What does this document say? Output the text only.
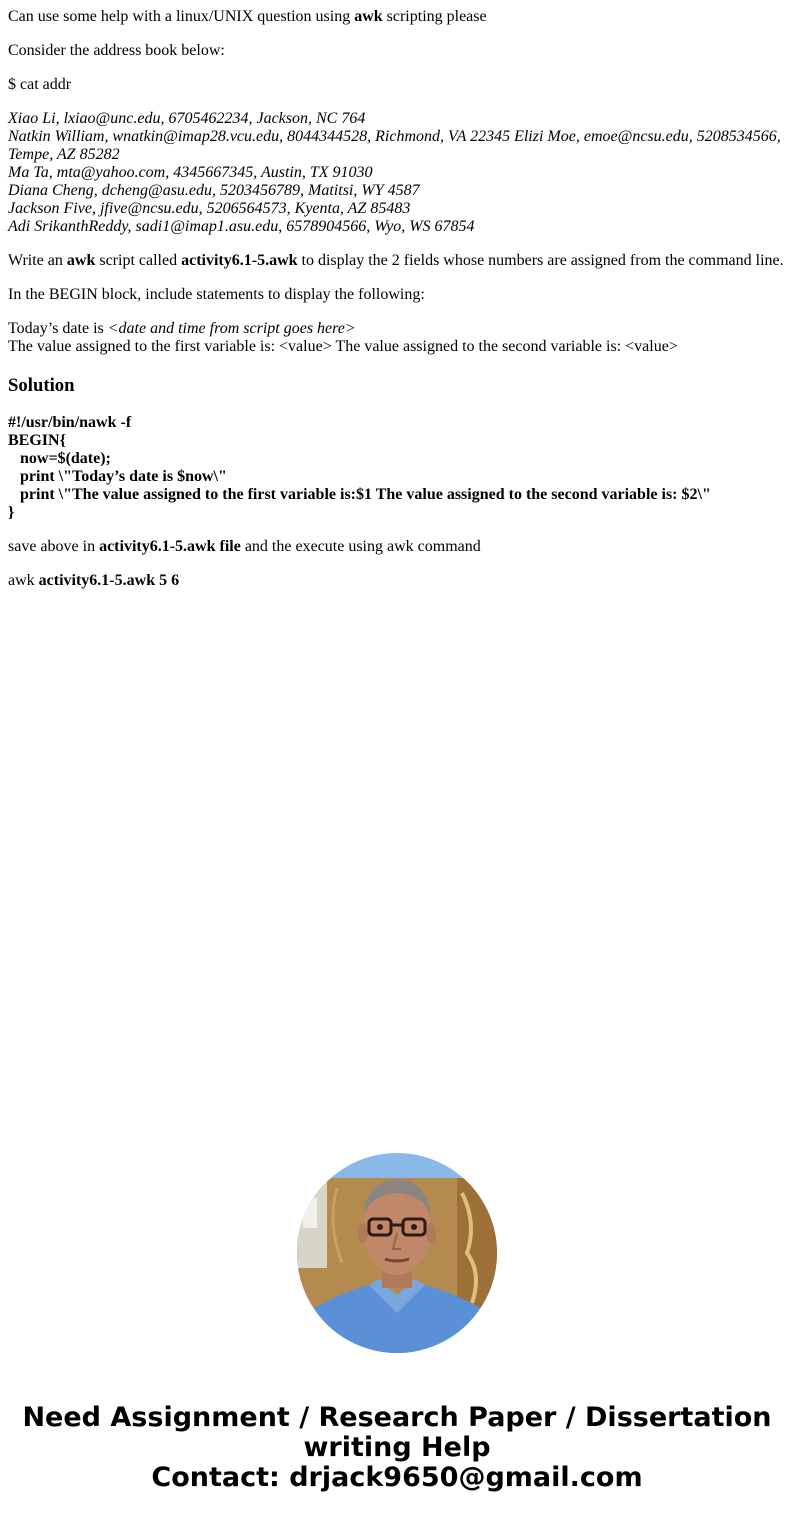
Can use some help with a linux/UNIX question using awk scripting please

Consider the address book below:

$ cat addr

Xiao Li, lxiao@unc.edu, 6705462234, Jackson, NC 764
Natkin William, wnatkin@imap28.vcu.edu, 8044344528, Richmond, VA 22345 Elizi Moe, emoe@ncsu.edu, 5208534566, Tempe, AZ 85282
Ma Ta, mta@yahoo.com, 4345667345, Austin, TX 91030
Diana Cheng, dcheng@asu.edu, 5203456789, Matitsi, WY 4587
Jackson Five, jfive@ncsu.edu, 5206564573, Kyenta, AZ 85483
Adi SrikanthReddy, sadi1@imap1.asu.edu, 6578904566, Wyo, WS 67854

Write an awk script called activity6.1-5.awk to display the 2 fields whose numbers are assigned from the command line.

In the BEGIN block, include statements to display the following:

Today’s date is <date and time from script goes here>
The value assigned to the first variable is: <value> The value assigned to the second variable is: <value>

Solution
#!/usr/bin/nawk -f
BEGIN{
now=$(date);
print \"Today’s date is $now\"
print \"The value assigned to the first variable is:$1 The value assigned to the second variable is: $2\"
}

save above in activity6.1-5.awk file and the execute using awk command

awk activity6.1-5.awk 5 6

Need Assignment / Research Paper / Dissertation
writing Help
Contact: drjack9650@gmail.com
